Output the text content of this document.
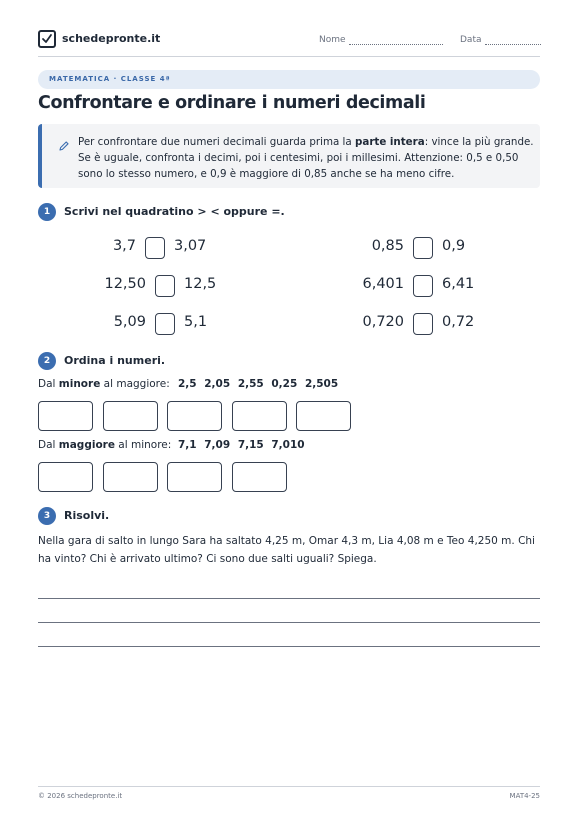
schedepronte.it	Nome	Data
MATEMATICA · CLASSE 4ª
Confrontare e ordinare i numeri decimali
Per confrontare due numeri decimali guarda prima la parte intera: vince la più grande. Se è uguale, confronta i decimi, poi i centesimi, poi i millesimi. Attenzione: 0,5 e 0,50 sono lo stesso numero, e 0,9 è maggiore di 0,85 anche se ha meno cifre.
1	Scrivi nel quadratino > < oppure =.
3,7	3,07	0,85	0,9
12,50	12,5	6,401	6,41
5,09	5,1	0,720	0,72
2	Ordina i numeri.
Dal minore al maggiore: 2,5 2,05 2,55 0,25 2,505
Dal maggiore al minore: 7,1 7,09 7,15 7,010
3	Risolvi.
Nella gara di salto in lungo Sara ha saltato 4,25 m, Omar 4,3 m, Lia 4,08 m e Teo 4,250 m. Chi ha vinto? Chi è arrivato ultimo? Ci sono due salti uguali? Spiega.
© 2026 schedepronte.it	MAT4-25
